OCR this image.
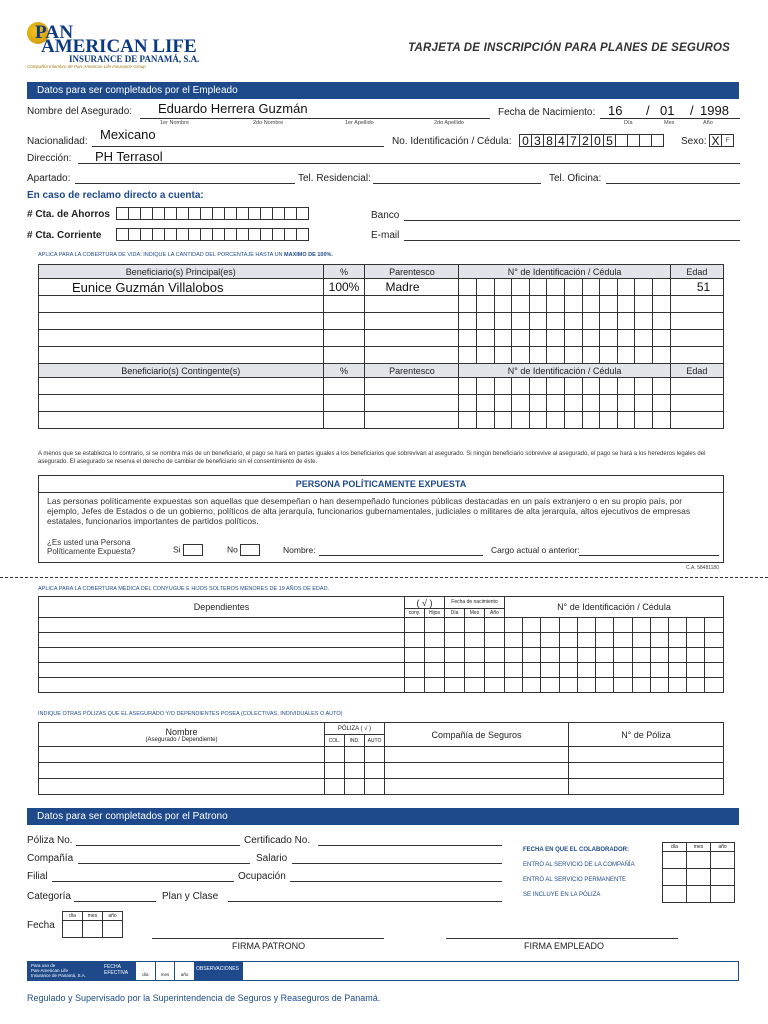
PAN
AMERICAN LIFE
INSURANCE DE PANAMÁ, S.A.
Compañía miembro de Pan-American Life Insurance Group
TARJETA DE INSCRIPCIÓN PARA PLANES DE SEGUROS
Datos para ser completados por el Empleado
Nombre del Asegurado: Eduardo Herrera Guzmán
1er Nombre	2do Nombre	1er Apellido	2do Apellido
Fecha de Nacimiento: 16 / 01 / 1998
Día	Mes	Año
Nacionalidad: Mexicano	No. Identificación / Cédula: 0 3 8 4 7 2 0 5	Sexo: X	F
Dirección: PH Terrasol
Apartado:	Tel. Residencial:	Tel. Oficina:
En caso de reclamo directo a cuenta:
# Cta. de Ahorros
# Cta. Corriente
Banco
E-mail
APLICA PARA LA COBERTURA DE VIDA: INDIQUE LA CANTIDAD DEL PORCENTAJE HASTA UN MAXIMO DE 100%.
Beneficiario(s) Principal(es)	%	Parentesco	N° de Identificación / Cédula												Edad
Eunice Guzmán Villalobos	100%	Madre													51

Beneficiario(s) Contingente(s)	%	Parentesco	N° de Identificación / Cédula												Edad

A menos que se establezca lo contrario, si se nombra más de un beneficiario, el pago se hará en partes iguales a los beneficiarios que sobrevivan al asegurado. Si ningún beneficiario sobrevive al asegurado, el pago se hará a los herederos legales del asegurado. El asegurado se reserva el derecho de cambiar de beneficiario sin el consentimiento de éste.
PERSONA POLÍTICAMENTE EXPUESTA
Las personas políticamente expuestas son aquellas que desempeñan o han desempeñado funciones públicas destacadas en un país extranjero o en su propio país, por ejemplo, Jefes de Estados o de un gobierno, políticos de alta jerarquía, funcionarios gubernamentales, judiciales o militares de alta jerarquía, altos ejecutivos de empresas estatales, funcionarios importantes de partidos políticos.
¿Es usted una Persona
Políticamente Expuesta?	Si	No	Nombre:	Cargo actual o anterior:
C.A. 58481180
APLICA PARA LA COBERTURA MÉDICA DEL CONYUGUE E HIJOS SOLTEROS MENORES DE 19 AÑOS DE EDAD.
Dependientes	( √ )		Fecha de nacimiento			N° de Identificación / Cédula											
	cony.	Hijos	Día	Mes	Año												

INDIQUE OTRAS PÓLIZAS QUE EL ASEGURADO Y/O DEPENDIENTES POSEA (COLECTIVAS, INDIVIDUALES O AUTO)
Nombre
(Asegurado / Dependiente)	PÓLIZA ( √ )			Compañía de Seguros	N° de Póliza
	COL.	IND.	AUTO		

Datos para ser completados por el Patrono
Póliza No.	Certificado No.
Compañía	Salario
Filial	Ocupación
Categoría	Plan y Clase
Fecha
día	mes	año

FECHA EN QUE EL COLABORADOR:
ENTRÓ AL SERVICIO DE LA COMPAÑÍA
ENTRÓ AL SERVICIO PERMANENTE
SE INCLUYE EN LA PÓLIZA
día	mes	año

FIRMA PATRONO	FIRMA EMPLEADO
Para uso de
Pan-American Life
Insurance de Panamá, S.A.
FECHA
EFECTIVA	día	mes	año
OBSERVACIONES
Regulado y Supervisado por la Superintendencia de Seguros y Reaseguros de Panamá.
